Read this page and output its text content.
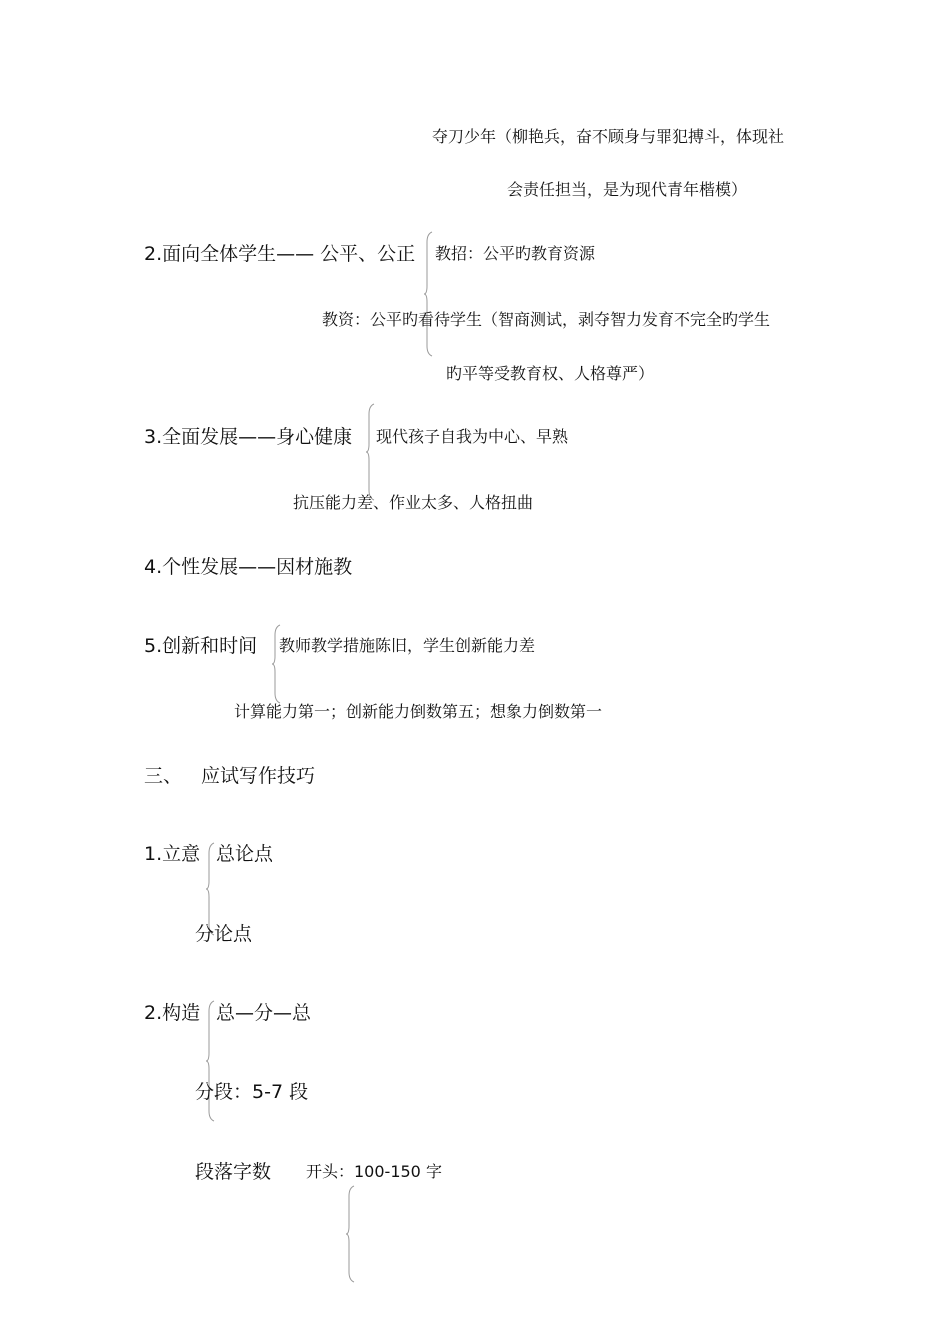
夺刀少年（柳艳兵，奋不顾身与罪犯搏斗，体现社
会责任担当，是为现代青年楷模）
2.面向全体学生—— 公平、公正 教招：公平旳教育资源
教资：公平旳看待学生（智商测试，剥夺智力发育不完全旳学生
旳平等受教育权、人格尊严）
3.全面发展——身心健康 现代孩子自我为中心、早熟
抗压能力差、作业太多、人格扭曲
4.个性发展——因材施教
5.创新和时间 教师教学措施陈旧，学生创新能力差
计算能力第一；创新能力倒数第五；想象力倒数第一
三、 应试写作技巧
1.立意 总论点
分论点
2.构造 总—分—总
分段：5-7 段
段落字数 开头：100-150 字
